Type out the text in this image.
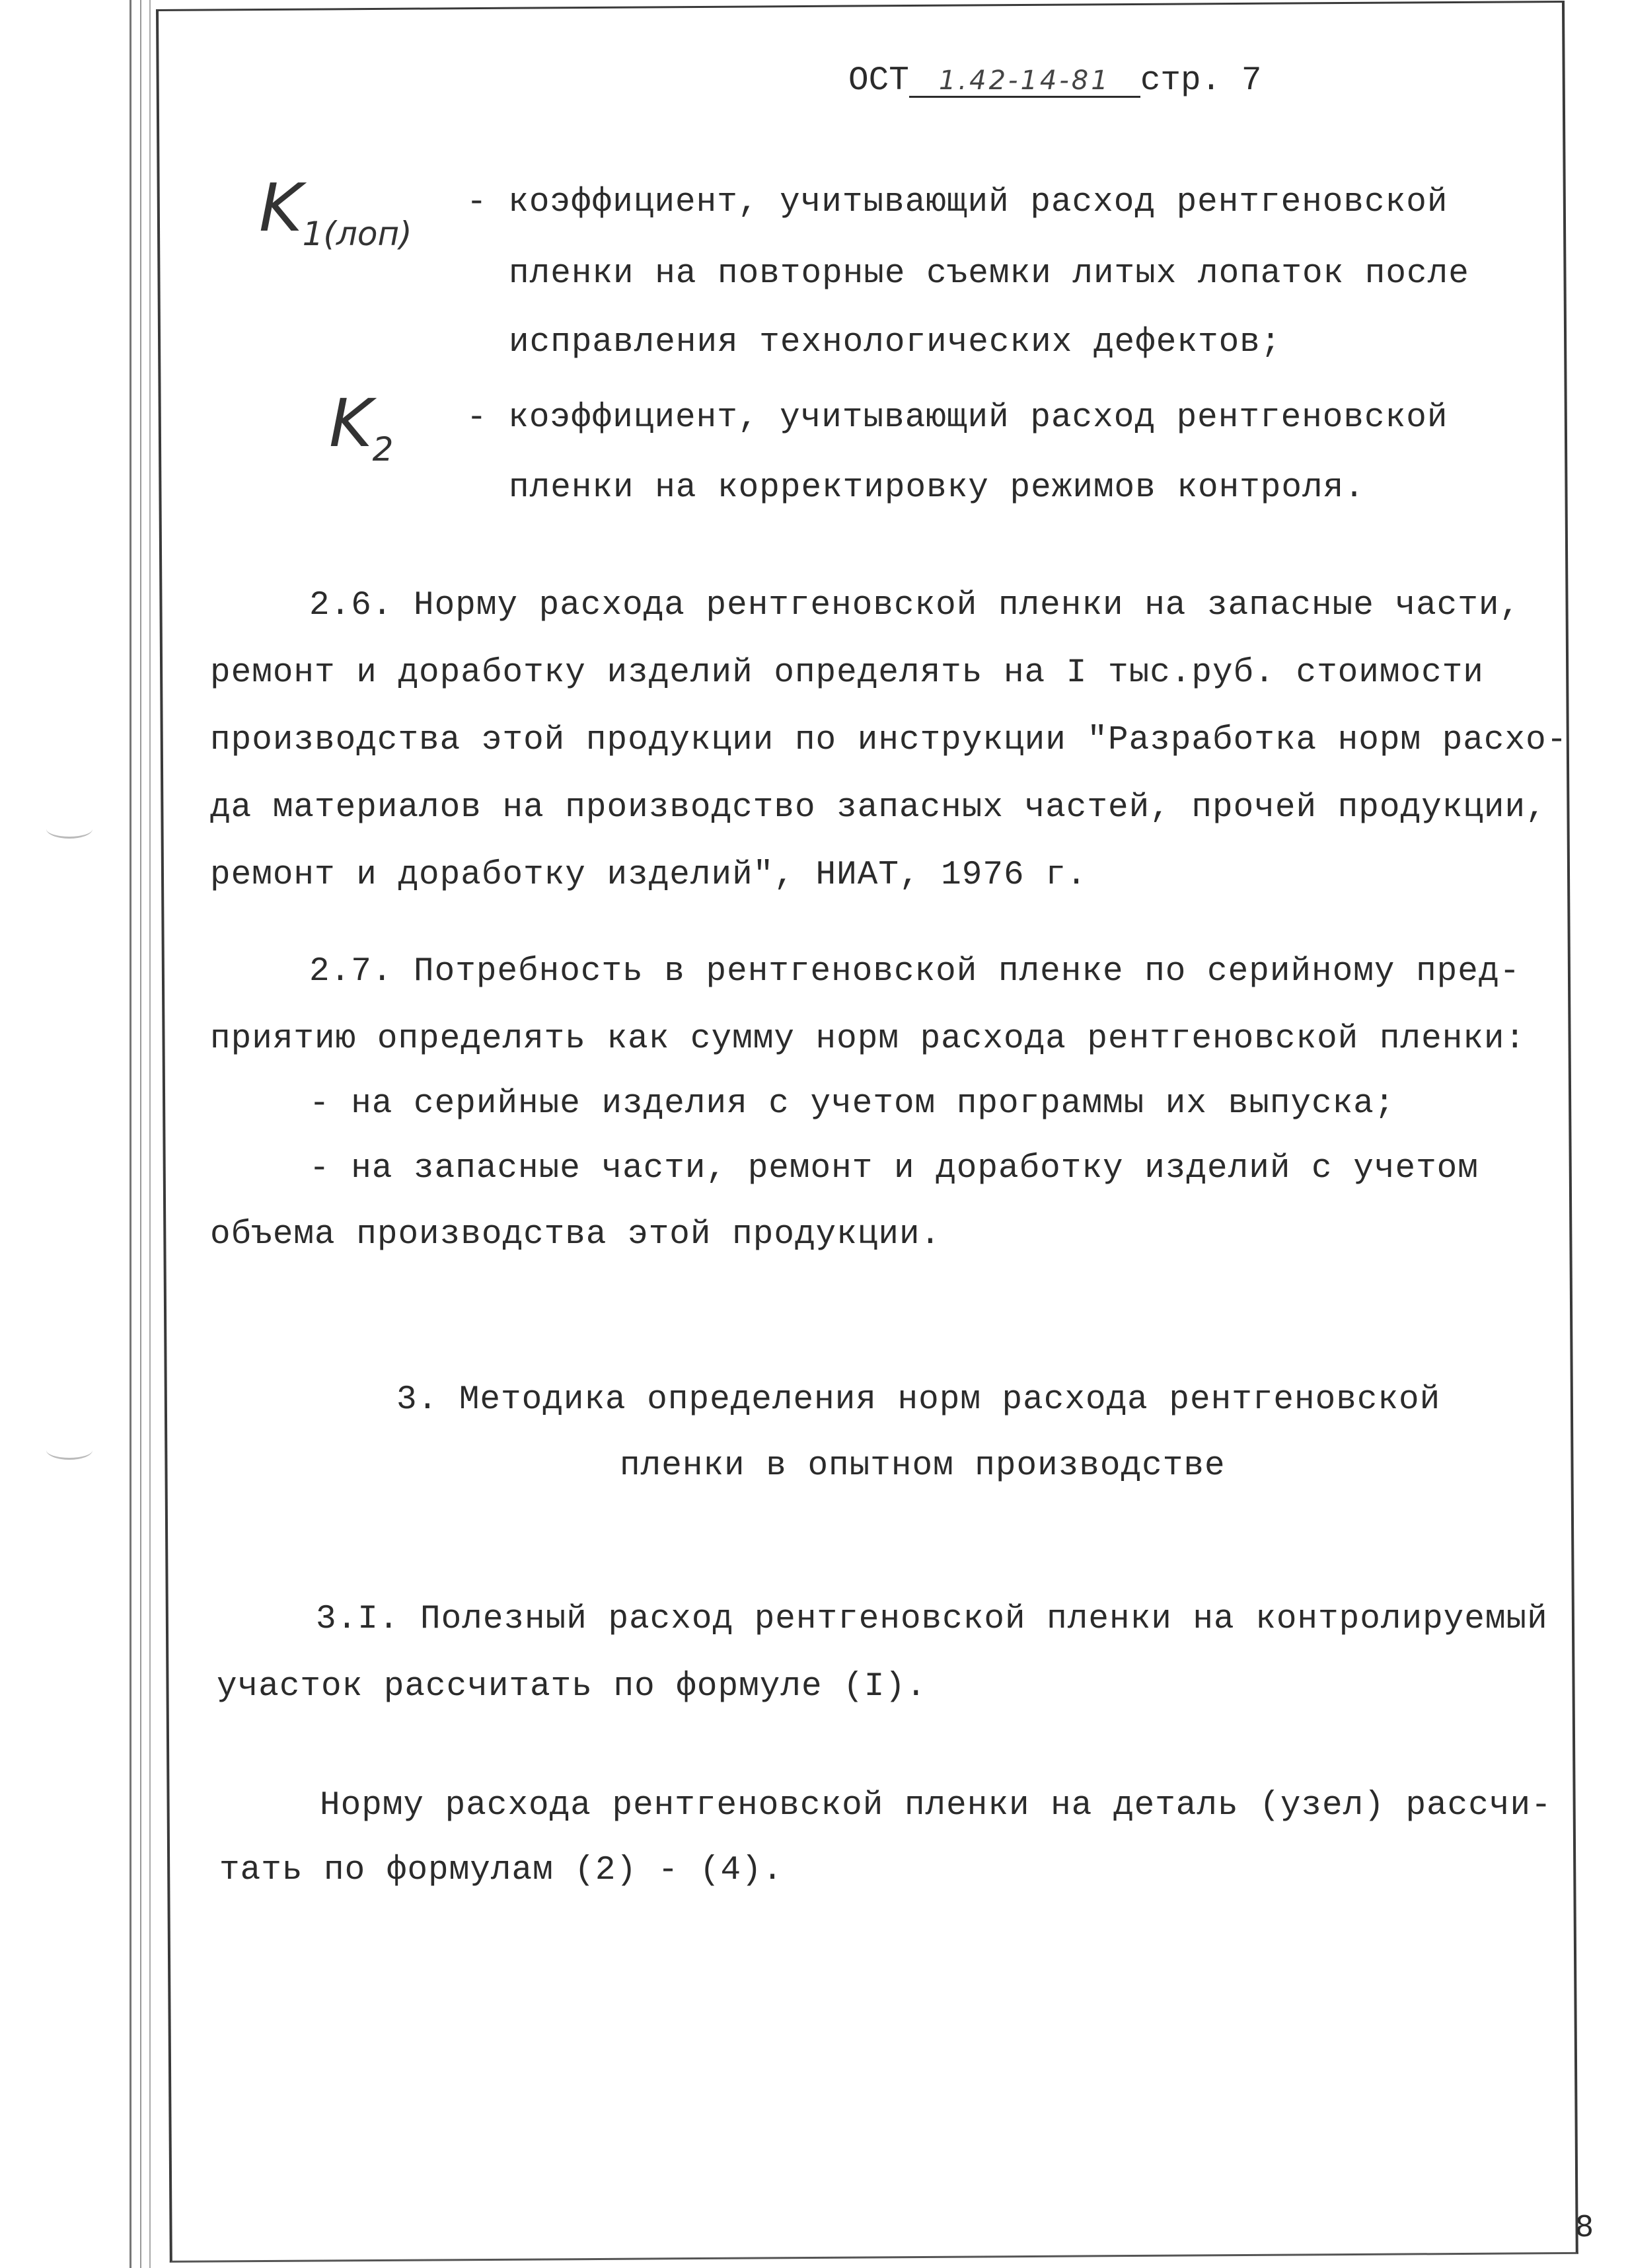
ОСТ 1.42-14-81 стр. 7
K1(лоп)
- коэффициент, учитывающий расход рентгеновской
пленки на повторные съемки литых лопаток после
исправления технологических дефектов;
K2
- коэффициент, учитывающий расход рентгеновской
пленки на корректировку режимов контроля.
2.6. Норму расхода рентгеновской пленки на запасные части,
ремонт и доработку изделий определять на I тыс.руб. стоимости
производства этой продукции по инструкции "Разработка норм расхо-
да материалов на производство запасных частей, прочей продукции,
ремонт и доработку изделий", НИАТ, 1976 г.
2.7. Потребность в рентгеновской пленке по серийному пред-
приятию определять как сумму норм расхода рентгеновской пленки:
- на серийные изделия с учетом программы их выпуска;
- на запасные части, ремонт и доработку изделий с учетом
объема производства этой продукции.
3. Методика определения норм расхода рентгеновской
пленки в опытном производстве
3.I. Полезный расход рентгеновской пленки на контролируемый
участок рассчитать по формуле (I).
Норму расхода рентгеновской пленки на деталь (узел) рассчи-
тать по формулам (2) - (4).
8
